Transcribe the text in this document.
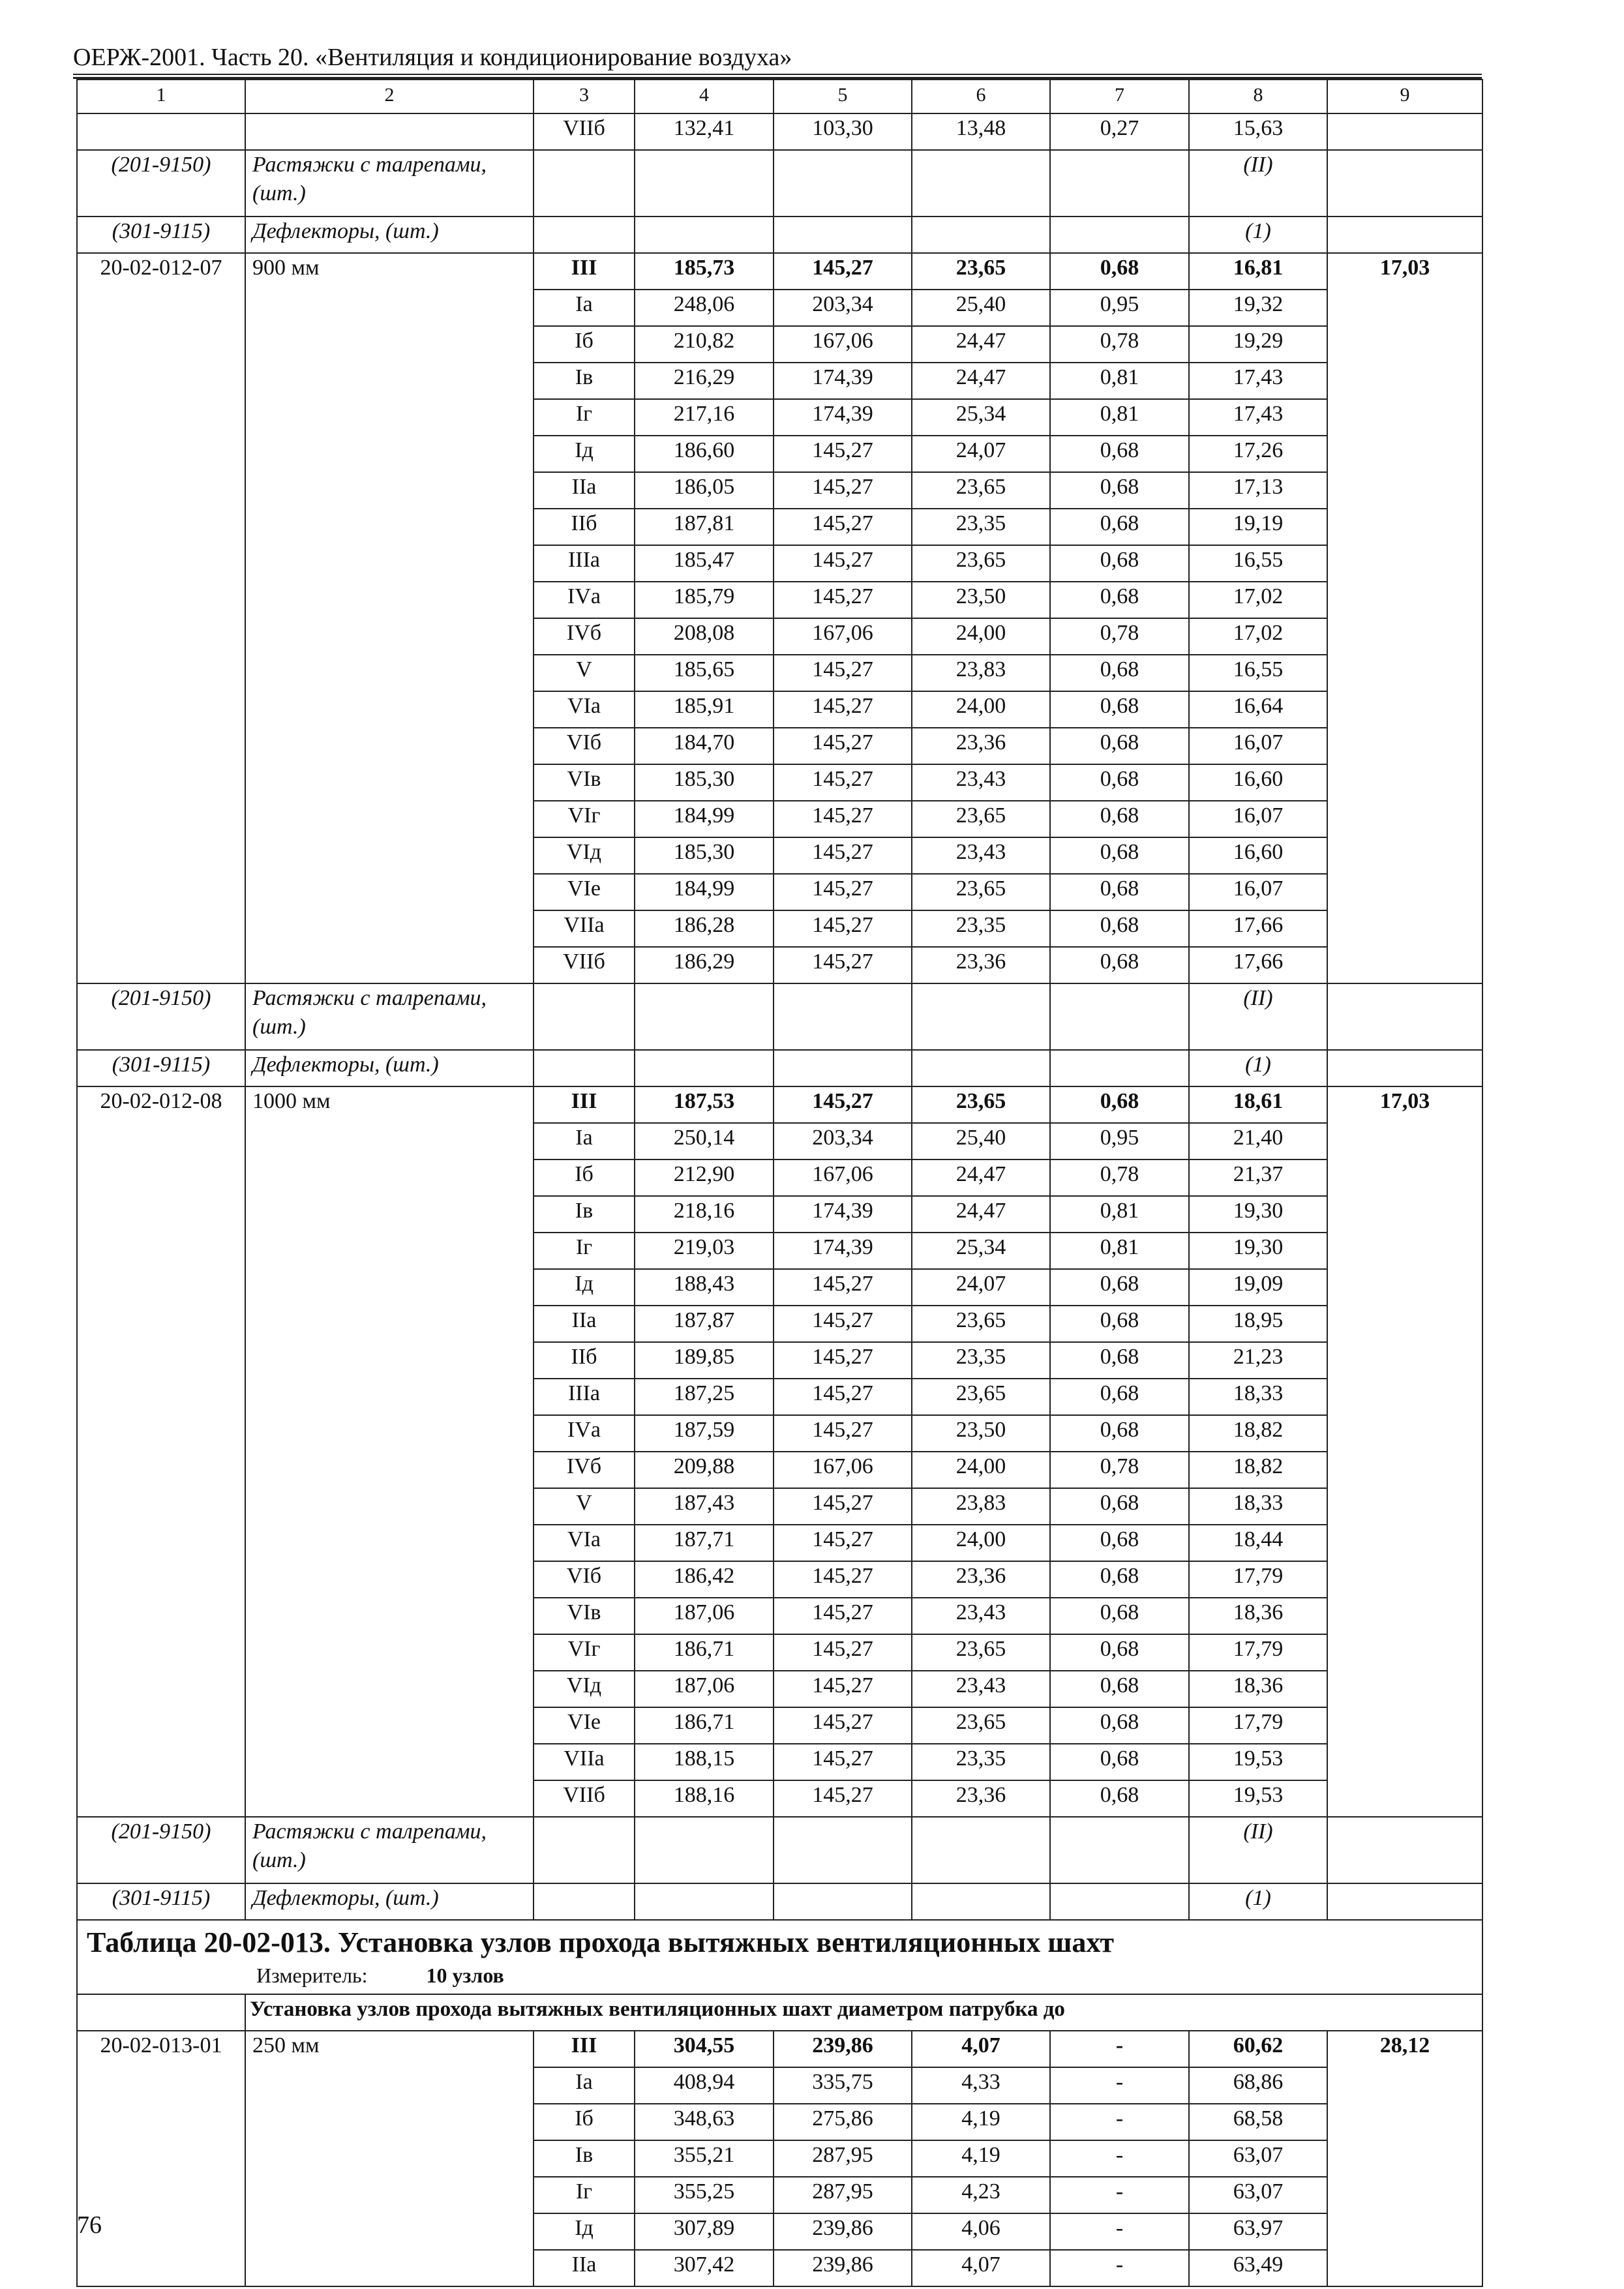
ОЕРЖ-2001. Часть 20. «Вентиляция и кондиционирование воздуха»
1	2	3	4	5	6	7	8	9
		VIIб	132,41	103,30	13,48	0,27	15,63	
(201-9150)	Растяжки с талрепами, (шт.)						(II)	
(301-9115)	Дефлекторы, (шт.)						(1)	
20-02-012-07	900 мм	III	185,73	145,27	23,65	0,68	16,81	17,03
		Iа	248,06	203,34	25,40	0,95	19,32	
		Iб	210,82	167,06	24,47	0,78	19,29	
		Iв	216,29	174,39	24,47	0,81	17,43	
		Iг	217,16	174,39	25,34	0,81	17,43	
		Iд	186,60	145,27	24,07	0,68	17,26	
		IIа	186,05	145,27	23,65	0,68	17,13	
		IIб	187,81	145,27	23,35	0,68	19,19	
		IIIа	185,47	145,27	23,65	0,68	16,55	
		IVа	185,79	145,27	23,50	0,68	17,02	
		IVб	208,08	167,06	24,00	0,78	17,02	
		V	185,65	145,27	23,83	0,68	16,55	
		VIа	185,91	145,27	24,00	0,68	16,64	
		VIб	184,70	145,27	23,36	0,68	16,07	
		VIв	185,30	145,27	23,43	0,68	16,60	
		VIг	184,99	145,27	23,65	0,68	16,07	
		VIд	185,30	145,27	23,43	0,68	16,60	
		VIе	184,99	145,27	23,65	0,68	16,07	
		VIIа	186,28	145,27	23,35	0,68	17,66	
		VIIб	186,29	145,27	23,36	0,68	17,66	
(201-9150)	Растяжки с талрепами, (шт.)						(II)	
(301-9115)	Дефлекторы, (шт.)						(1)	
20-02-012-08	1000 мм	III	187,53	145,27	23,65	0,68	18,61	17,03
		Iа	250,14	203,34	25,40	0,95	21,40	
		Iб	212,90	167,06	24,47	0,78	21,37	
		Iв	218,16	174,39	24,47	0,81	19,30	
		Iг	219,03	174,39	25,34	0,81	19,30	
		Iд	188,43	145,27	24,07	0,68	19,09	
		IIа	187,87	145,27	23,65	0,68	18,95	
		IIб	189,85	145,27	23,35	0,68	21,23	
		IIIа	187,25	145,27	23,65	0,68	18,33	
		IVа	187,59	145,27	23,50	0,68	18,82	
		IVб	209,88	167,06	24,00	0,78	18,82	
		V	187,43	145,27	23,83	0,68	18,33	
		VIа	187,71	145,27	24,00	0,68	18,44	
		VIб	186,42	145,27	23,36	0,68	17,79	
		VIв	187,06	145,27	23,43	0,68	18,36	
		VIг	186,71	145,27	23,65	0,68	17,79	
		VIд	187,06	145,27	23,43	0,68	18,36	
		VIе	186,71	145,27	23,65	0,68	17,79	
		VIIа	188,15	145,27	23,35	0,68	19,53	
		VIIб	188,16	145,27	23,36	0,68	19,53	
(201-9150)	Растяжки с талрепами, (шт.)						(II)	
(301-9115)	Дефлекторы, (шт.)						(1)	

Таблица 20-02-013. Установка узлов прохода вытяжных вентиляционных шахт
Измеритель: 10 узлов								

	Установка узлов прохода вытяжных вентиляционных шахт диаметром патрубка до							
20-02-013-01	250 мм	III	304,55	239,86	4,07	-	60,62	28,12
		Iа	408,94	335,75	4,33	-	68,86	
		Iб	348,63	275,86	4,19	-	68,58	
		Iв	355,21	287,95	4,19	-	63,07	
		Iг	355,25	287,95	4,23	-	63,07	
		Iд	307,89	239,86	4,06	-	63,97	
		IIа	307,42	239,86	4,07	-	63,49	
76
